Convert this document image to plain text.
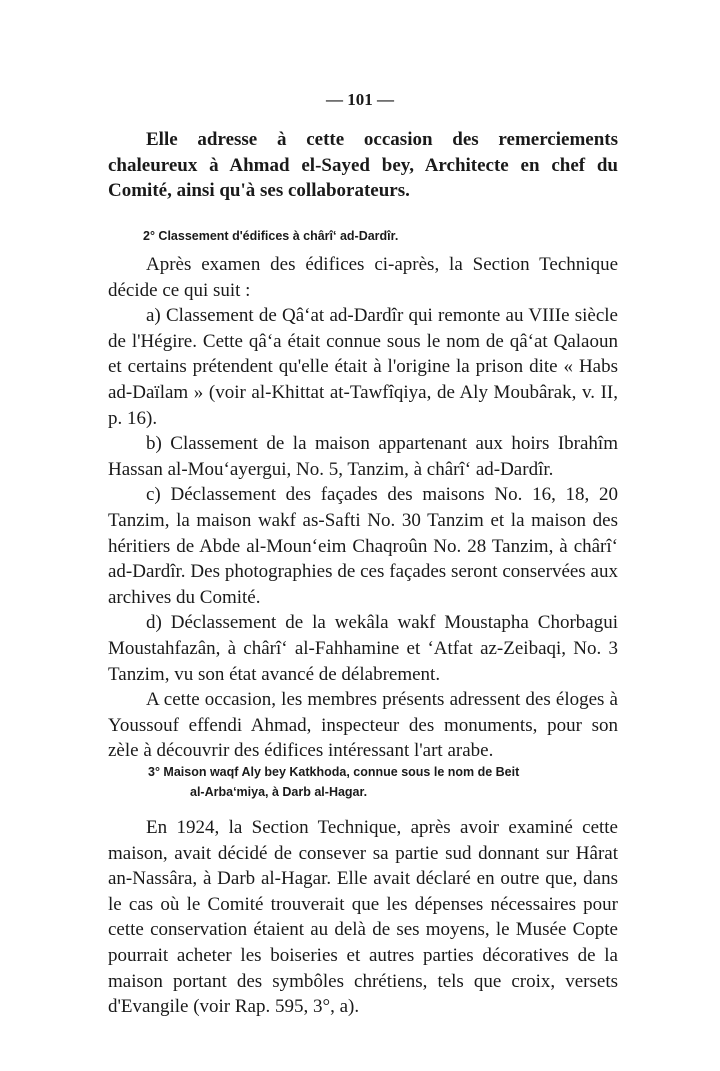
— 101 —

Elle adresse à cette occasion des remerciements chaleureux à Ahmad el-Sayed bey, Architecte en chef du Comité, ainsi qu'à ses collaborateurs.

2° Classement d'édifices à chârî‘ ad-Dardîr.

Après examen des édifices ci-après, la Section Technique décide ce qui suit :

a) Classement de Qâ‘at ad-Dardîr qui remonte au VIIIe siècle de l'Hégire. Cette qâ‘a était connue sous le nom de qâ‘at Qalaoun et certains prétendent qu'elle était à l'origine la prison dite « Habs ad-Daïlam » (voir al-Khittat at-Tawfîqiya, de Aly Moubârak, v. II, p. 16).

b) Classement de la maison appartenant aux hoirs Ibrahîm Hassan al-Mou‘ayergui, No. 5, Tanzim, à chârî‘ ad-Dardîr.

c) Déclassement des façades des maisons No. 16, 18, 20 Tanzim, la maison wakf as-Safti No. 30 Tanzim et la maison des héritiers de Abde al-Moun‘eim Chaqroûn No. 28 Tanzim, à chârî‘ ad-Dardîr. Des photographies de ces façades seront conservées aux archives du Comité.

d) Déclassement de la wekâla wakf Moustapha Chorbagui Moustahfazân, à chârî‘ al-Fahhamine et ‘Atfat az-Zeibaqi, No. 3 Tanzim, vu son état avancé de délabrement.

A cette occasion, les membres présents adressent des éloges à Youssouf effendi Ahmad, inspecteur des monuments, pour son zèle à découvrir des édifices intéressant l'art arabe.

3° Maison waqf Aly bey Katkhoda, connue sous le nom de Beit
al-Arba‘miya, à Darb al-Hagar.

En 1924, la Section Technique, après avoir examiné cette maison, avait décidé de consever sa partie sud donnant sur Hârat an-Nassâra, à Darb al-Hagar. Elle avait déclaré en outre que, dans le cas où le Comité trouverait que les dépenses nécessaires pour cette conservation étaient au delà de ses moyens, le Musée Copte pourrait acheter les boiseries et autres parties décoratives de la maison portant des symbôles chrétiens, tels que croix, versets d'Evangile (voir Rap. 595, 3°, a).
